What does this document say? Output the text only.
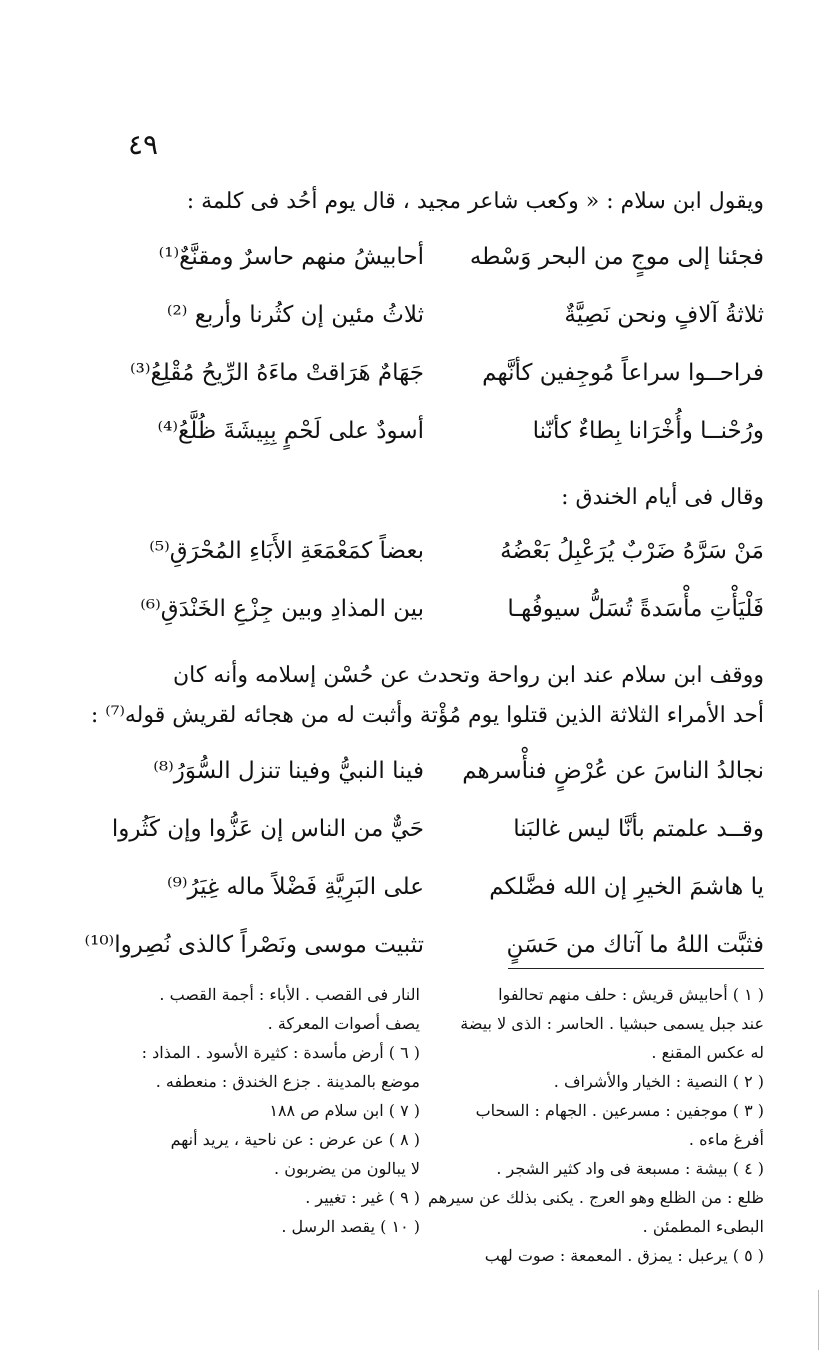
٤٩
ويقول ابن سلام : « وكعب شاعر مجيد ، قال يوم أحُد فى كلمة :
فجئنا إلى موجٍ من البحر وَسْطه
أحابيشُ منهم حاسرٌ ومقنَّعٌ⁽¹⁾
ثلاثةُ آلافٍ ونحن نَصِيَّةٌ
ثلاثُ مئين إن كثُرنا وأربع ⁽²⁾
فراحــوا سراعاً مُوجِفين كأنَّهم
جَهَامٌ هَرَاقتْ ماءَهُ الرِّيحُ مُقْلِعُ⁽³⁾
ورُحْنــا وأُخْرَانا بِطاءٌ كأنّنا
أسودٌ على لَحْمٍ بِبِيشَةَ ظُلَّعُ⁽⁴⁾
وقال فى أيام الخندق :
مَنْ سَرَّهُ ضَرْبٌ يُرَعْبِلُ بَعْضُهُ
بعضاً كمَعْمَعَةِ الأَبَاءِ المُحْرَقِ⁽⁵⁾
فَلْيَأْتِ مأْسَدةً تُسَلُّ سيوفُهـا
بين المذادِ وبين جِزْعِ الخَنْدَقِ⁽⁶⁾
ووقف ابن سلام عند ابن رواحة وتحدث عن حُسْن إسلامه وأنه كان
أحد الأمراء الثلاثة الذين قتلوا يوم مُؤْتة وأثبت له من هجائه لقريش قوله⁽⁷⁾ :
نجالدُ الناسَ عن عُرْضٍ فنأْسرهم
فينا النبيُّ وفينا تنزل السُّوَرُ⁽⁸⁾
وقــد علمتم بأنَّا ليس غالبَنا
حَيٌّ من الناس إن عَزُّوا وإن كَثُروا
يا هاشمَ الخيرِ إن الله فضَّلكم
على البَرِيَّةِ فَضْلاً ماله غِيَرُ⁽⁹⁾
فثبَّت اللهُ ما آتاك من حَسَنٍ
تثبيت موسى ونَصْراً كالذى نُصِروا⁽¹⁰⁾
( ١ ) أحابيش قريش : حلف منهم تحالفوا
عند جبل يسمى حبشيا . الحاسر : الذى لا بيضة
له عكس المقنع .
( ٢ ) النصية : الخيار والأشراف .
( ٣ ) موجفين : مسرعين . الجهام : السحاب
أفرغ ماءه .
( ٤ ) بيشة : مسبعة فى واد كثير الشجر .
ظلع : من الظلع وهو العرج . يكنى بذلك عن سيرهم
البطىء المطمئن .
( ٥ ) يرعبل : يمزق . المعمعة : صوت لهب
النار فى القصب . الأباء : أجمة القصب .
يصف أصوات المعركة .
( ٦ ) أرض مأسدة : كثيرة الأسود . المذاد :
موضع بالمدينة . جزع الخندق : منعطفه .
( ٧ ) ابن سلام ص ١٨٨
( ٨ ) عن عرض : عن ناحية ، يريد أنهم
لا يبالون من يضربون .
( ٩ ) غير : تغيير .
( ١٠ ) يقصد الرسل .
